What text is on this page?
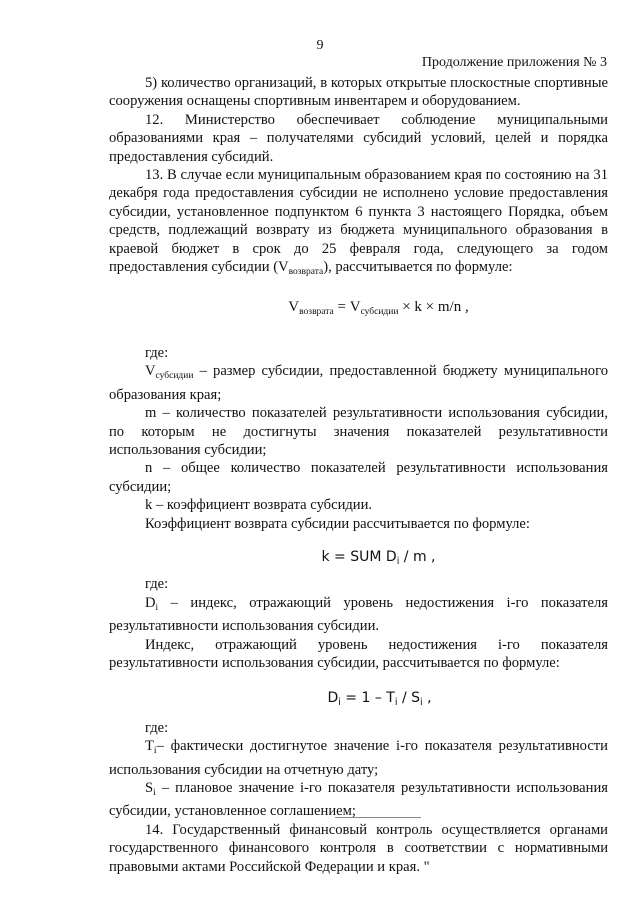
9
Продолжение приложения № 3

5) количество организаций, в которых открытые плоскостные спортивные сооружения оснащены спортивным инвентарем и оборудованием.

12. Министерство обеспечивает соблюдение муниципальными образованиями края – получателями субсидий условий, целей и порядка предоставления субсидий.

13. В случае если муниципальным образованием края по состоянию на 31 декабря года предоставления субсидии не исполнено условие предоставления субсидии, установленное подпунктом 6 пункта 3 настоящего Порядка, объем средств, подлежащий возврату из бюджета муниципального образования в краевой бюджет в срок до 25 февраля года, следующего за годом предоставления субсидии $(V_{возврата})$, рассчитывается по формуле:

$V_{возврата} = V_{субсидии} \times k \times m/n$ ,

где:

$V_{субсидии}$ – размер субсидии, предоставленной бюджету муниципального образования края;

m – количество показателей результативности использования субсидии, по которым не достигнуты значения показателей результативности использования субсидии;

n – общее количество показателей результативности использования субсидии;

k – коэффициент возврата субсидии.

Коэффициент возврата субсидии рассчитывается по формуле:

k = SUM $D_i$ / m ,

где:

$D_i$ – индекс, отражающий уровень недостижения i-го показателя результативности использования субсидии.

Индекс, отражающий уровень недостижения i-го показателя результативности использования субсидии, рассчитывается по формуле:

$D_i = 1 - T_i / S_i$ ,

где:

$T_i-$ фактически достигнутое значение i-го показателя результативности использования субсидии на отчетную дату;

$S_i$ – плановое значение i-го показателя результативности использования субсидии, установленное соглашением;

14. Государственный финансовый контроль осуществляется органами государственного финансового контроля в соответствии с нормативными правовыми актами Российской Федерации и края. "
